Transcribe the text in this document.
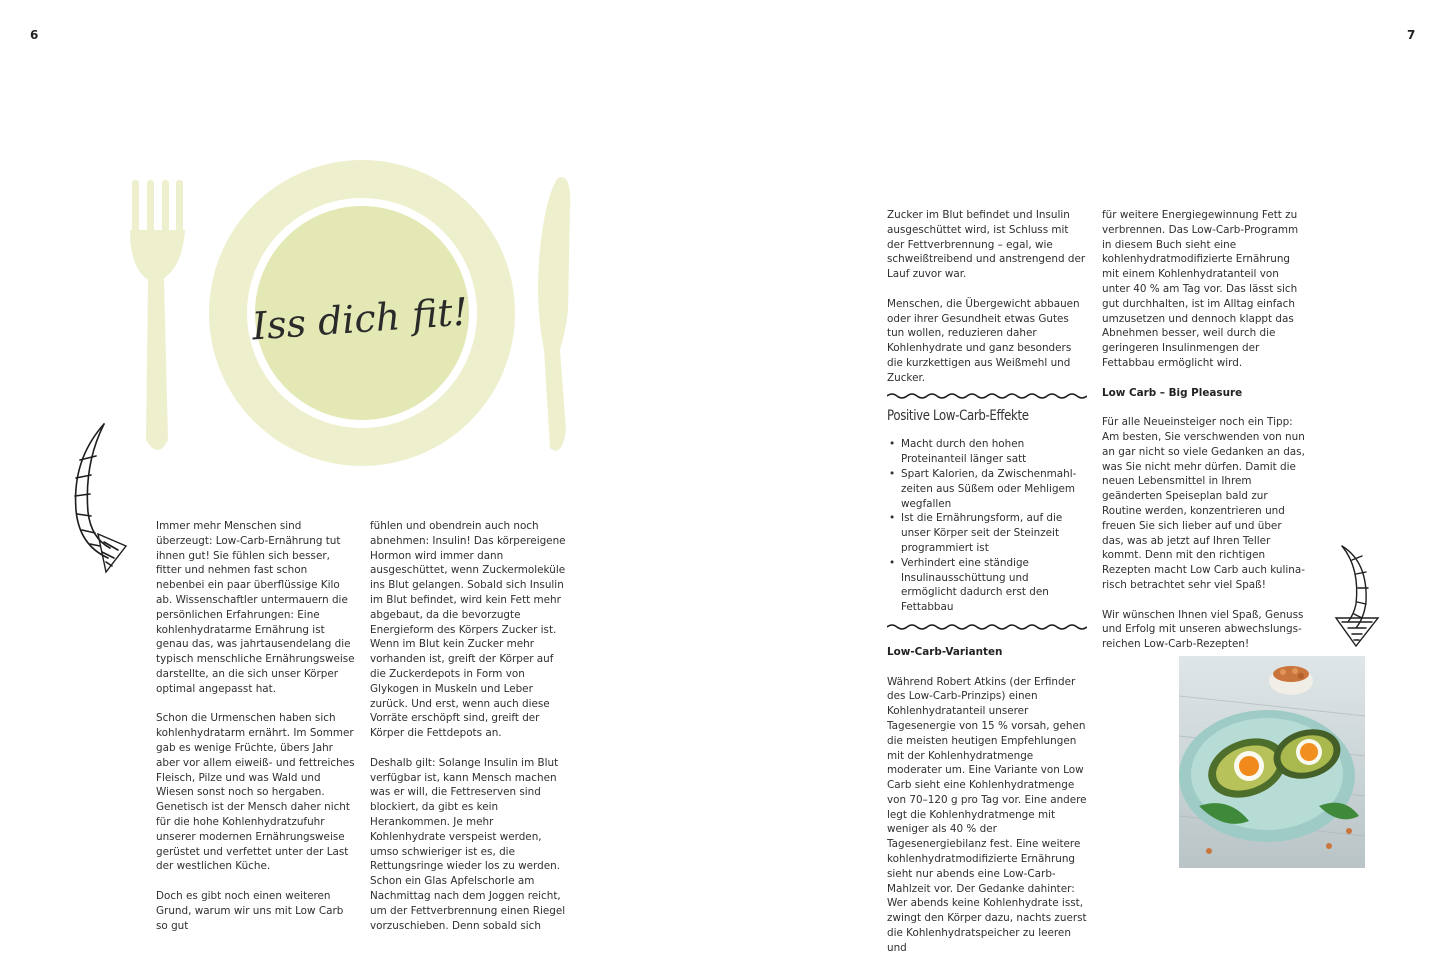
6	7
Iss dich fit!

Immer mehr Menschen sind überzeugt: Low-Carb-Ernährung tut ihnen gut! Sie fühlen sich besser, fitter und nehmen fast schon nebenbei ein paar überflüssige Kilo ab. Wissenschaftler untermauern die persönlichen Erfahrungen: Eine kohlenhydratarme Ernährung ist genau das, was jahrtausendelang die typisch menschliche Ernährungsweise darstellte, an die sich unser Körper optimal angepasst hat.

Schon die Urmenschen haben sich kohlenhydratarm ernährt. Im Sommer gab es wenige Früchte, übers Jahr aber vor allem eiweiß- und fettreiches Fleisch, Pilze und was Wald und Wiesen sonst noch so hergaben. Genetisch ist der Mensch daher nicht für die hohe Kohlenhydratzufuhr unserer modernen Ernährungsweise gerüstet und verfettet unter der Last der westlichen Küche.

Doch es gibt noch einen weiteren Grund, warum wir uns mit Low Carb so gut

fühlen und obendrein auch noch abnehmen: Insulin! Das körpereigene Hormon wird immer dann ausgeschüttet, wenn Zuckermoleküle ins Blut gelangen. Sobald sich Insulin im Blut befindet, wird kein Fett mehr abgebaut, da die bevorzugte Energieform des Körpers Zucker ist. Wenn im Blut kein Zucker mehr vorhanden ist, greift der Körper auf die Zuckerdepots in Form von Glykogen in Muskeln und Leber zurück. Und erst, wenn auch diese Vorräte erschöpft sind, greift der Körper die Fettdepots an.

Deshalb gilt: Solange Insulin im Blut verfügbar ist, kann Mensch machen was er will, die Fettreserven sind blockiert, da gibt es kein Herankommen. Je mehr Kohlenhydrate verspeist werden, umso schwieriger ist es, die Rettungsringe wieder los zu werden. Schon ein Glas Apfelschorle am Nachmittag nach dem Joggen reicht, um der Fettverbrennung einen Riegel vorzuschieben. Denn sobald sich

Zucker im Blut befindet und Insulin ausgeschüttet wird, ist Schluss mit der Fettverbrennung – egal, wie schweißtreibend und anstrengend der Lauf zuvor war.

Menschen, die Übergewicht abbauen oder ihrer Gesundheit etwas Gutes tun wollen, reduzieren daher Kohlenhydrate und ganz besonders die kurzkettigen aus Weißmehl und Zucker.

Positive Low-Carb-Effekte
• Macht durch den hohen Proteinanteil länger satt
• Spart Kalorien, da Zwischenmahlzeiten aus Süßem oder Mehligem wegfallen
• Ist die Ernährungsform, auf die unser Körper seit der Steinzeit programmiert ist
• Verhindert eine ständige Insulinausschüttung und ermöglicht dadurch erst den Fettabbau
Low-Carb-Varianten

Während Robert Atkins (der Erfinder des Low-Carb-Prinzips) einen Kohlenhydratanteil unserer Tagesenergie von 15 % vorsah, gehen die meisten heutigen Empfehlungen mit der Kohlenhydratmenge moderater um. Eine Variante von Low Carb sieht eine Kohlenhydratmenge von 70–120 g pro Tag vor. Eine andere legt die Kohlenhydratmenge mit weniger als 40 % der Tagesenergiebilanz fest. Eine weitere kohlenhydratmodifizierte Ernährung sieht nur abends eine Low-Carb-Mahlzeit vor. Der Gedanke dahinter: Wer abends keine Kohlenhydrate isst, zwingt den Körper dazu, nachts zuerst die Kohlenhydratspeicher zu leeren und

für weitere Energiegewinnung Fett zu verbrennen. Das Low-Carb-Programm in diesem Buch sieht eine kohlenhydratmodifizierte Ernährung mit einem Kohlenhydratanteil von unter 40 % am Tag vor. Das lässt sich gut durchhalten, ist im Alltag einfach umzusetzen und dennoch klappt das Abnehmen besser, weil durch die geringeren Insulinmengen der Fettabbau ermöglicht wird.

Low Carb – Big Pleasure

Für alle Neueinsteiger noch ein Tipp: Am besten, Sie verschwenden von nun an gar nicht so viele Gedanken an das, was Sie nicht mehr dürfen. Damit die neuen Lebensmittel in Ihrem geänderten Speiseplan bald zur Routine werden, konzentrieren und freuen Sie sich lieber auf und über das, was ab jetzt auf Ihren Teller kommt. Denn mit den richtigen Rezepten macht Low Carb auch kulinarisch betrachtet sehr viel Spaß!

Wir wünschen Ihnen viel Spaß, Genuss und Erfolg mit unseren abwechslungsreichen Low-Carb-Rezepten!
